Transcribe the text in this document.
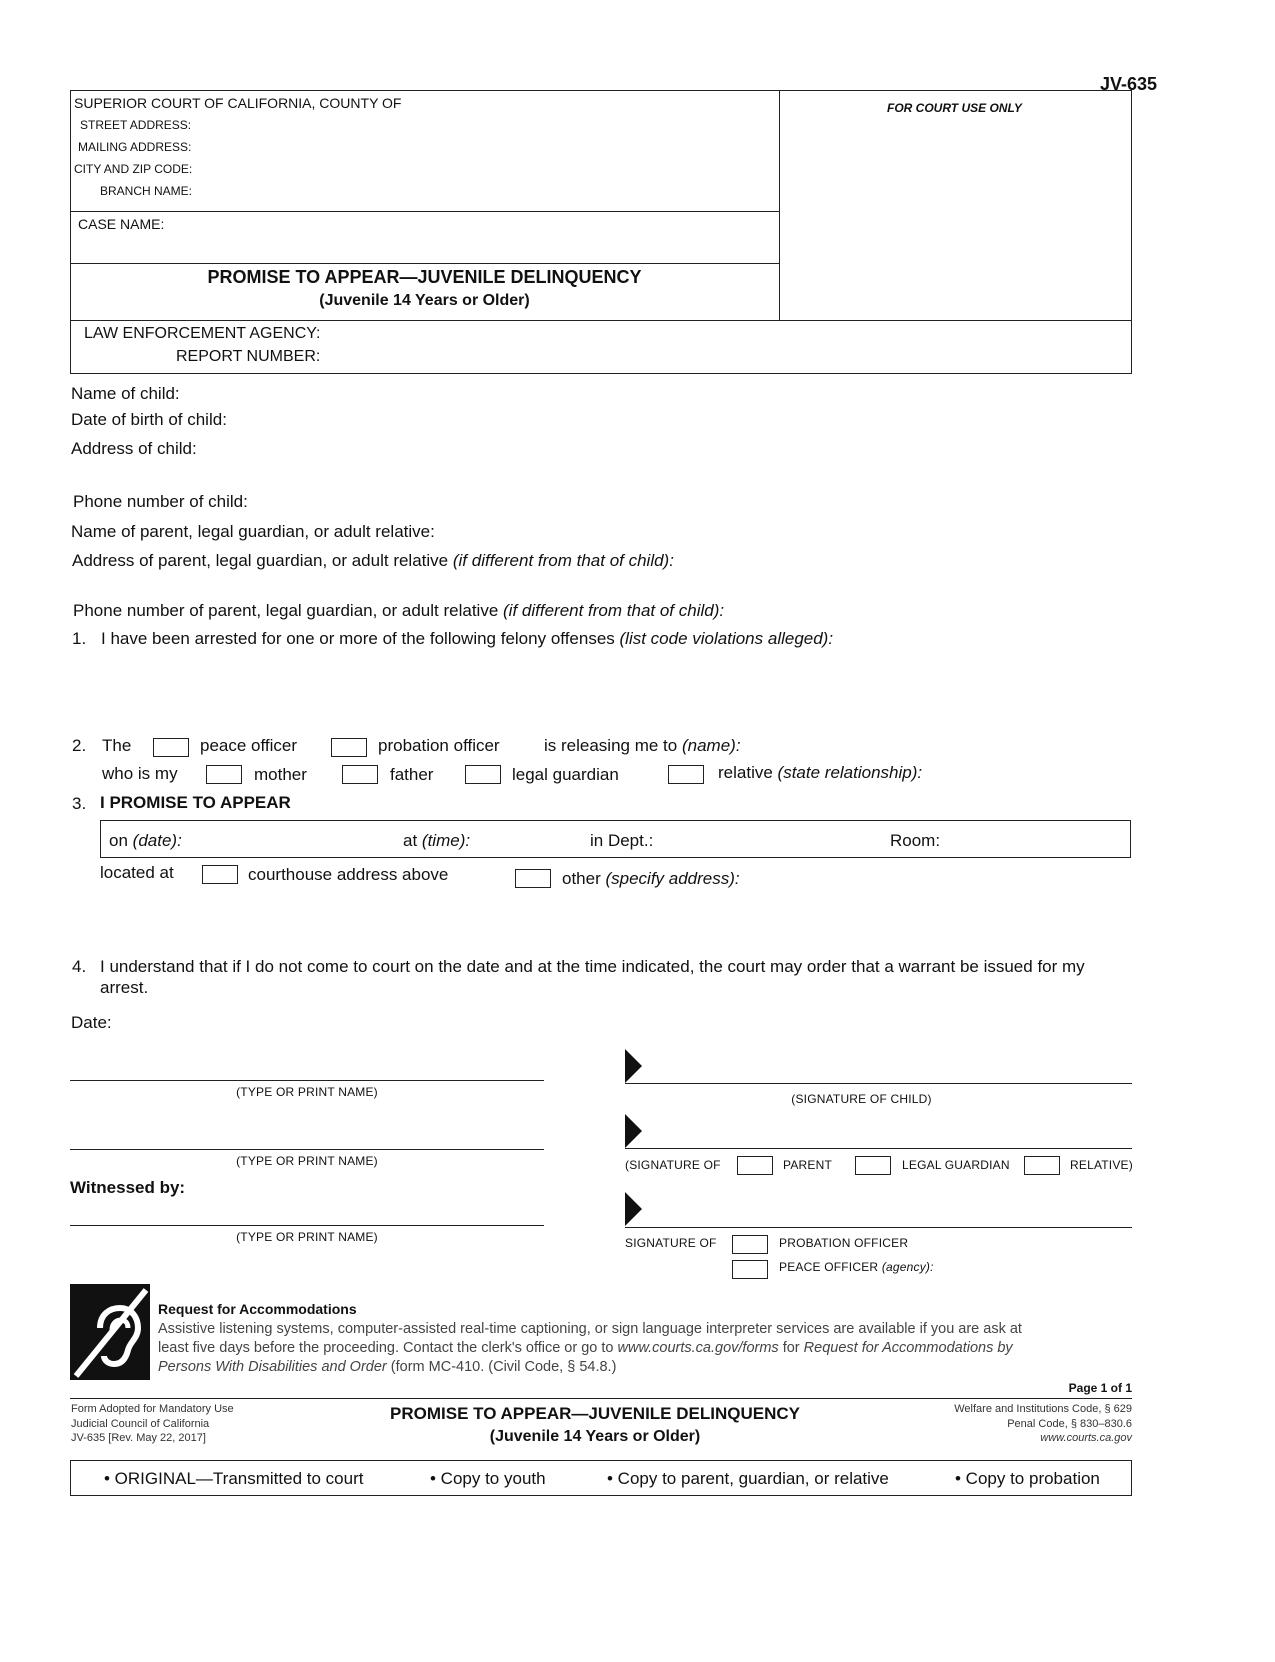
JV-635
SUPERIOR COURT OF CALIFORNIA, COUNTY OF
STREET ADDRESS:
MAILING ADDRESS:
CITY AND ZIP CODE:
BRANCH NAME:
FOR COURT USE ONLY
CASE NAME:
PROMISE TO APPEAR—JUVENILE DELINQUENCY
(Juvenile 14 Years or Older)
LAW ENFORCEMENT AGENCY:
REPORT NUMBER:
Name of child:
Date of birth of child:
Address of child:
Phone number of child:
Name of parent, legal guardian, or adult relative:
Address of parent, legal guardian, or adult relative (if different from that of child):
Phone number of parent, legal guardian, or adult relative (if different from that of child):
1. I have been arrested for one or more of the following felony offenses (list code violations alleged):
2. The	peace officer	probation officer	is releasing me to (name):
who is my	mother	father	legal guardian	relative (state relationship):
3. I PROMISE TO APPEAR
on (date):	at (time):	in Dept.:	Room:
located at	courthouse address above	other (specify address):
4. I understand that if I do not come to court on the date and at the time indicated, the court may order that a warrant be issued for my
arrest.
Date:
(TYPE OR PRINT NAME)	(SIGNATURE OF CHILD)
(TYPE OR PRINT NAME)	(SIGNATURE OF	PARENT	LEGAL GUARDIAN	RELATIVE)
Witnessed by:
(TYPE OR PRINT NAME)	SIGNATURE OF	PROBATION OFFICER
PEACE OFFICER (agency):
Request for Accommodations
Assistive listening systems, computer-assisted real-time captioning, or sign language interpreter services are available if you are ask at
least five days before the proceeding. Contact the clerk's office or go to www.courts.ca.gov/forms for Request for Accommodations by
Persons With Disabilities and Order (form MC-410. (Civil Code, § 54.8.)
Page 1 of 1
Form Adopted for Mandatory Use
Judicial Council of California
JV-635 [Rev. May 22, 2017]
PROMISE TO APPEAR—JUVENILE DELINQUENCY
(Juvenile 14 Years or Older)
Welfare and Institutions Code, § 629
Penal Code, § 830–830.6
www.courts.ca.gov
• ORIGINAL—Transmitted to court	• Copy to youth	• Copy to parent, guardian, or relative	• Copy to probation
